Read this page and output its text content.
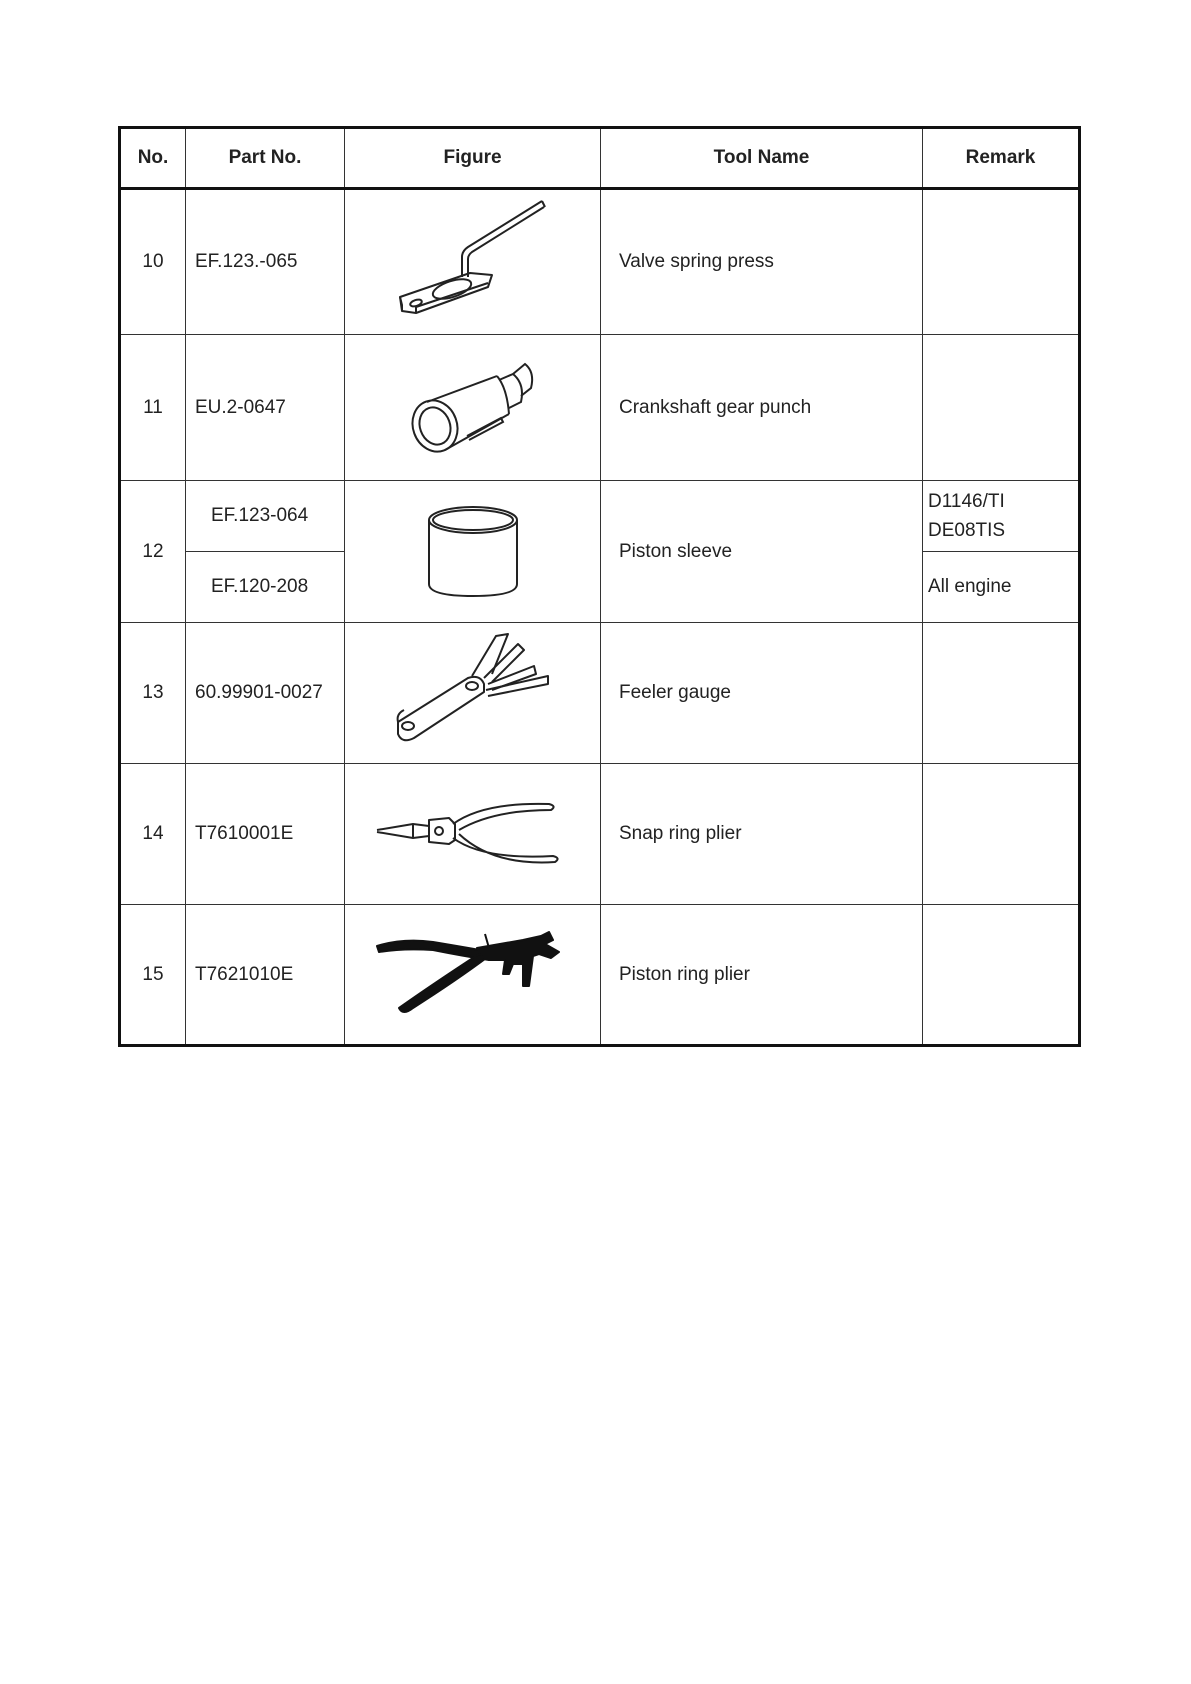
No.	Part No.	Figure	Tool Name	Remark
10	EF.123.-065		Valve spring press	
11	EU.2-0647		Crankshaft gear punch	
12	EF.123-064		Piston sleeve	D1146/TI
DE08TIS

	EF.120-208			All engine
13	60.99901-0027		Feeler gauge	
14	T7610001E		Snap ring plier	
15	T7621010E		Piston ring plier	
